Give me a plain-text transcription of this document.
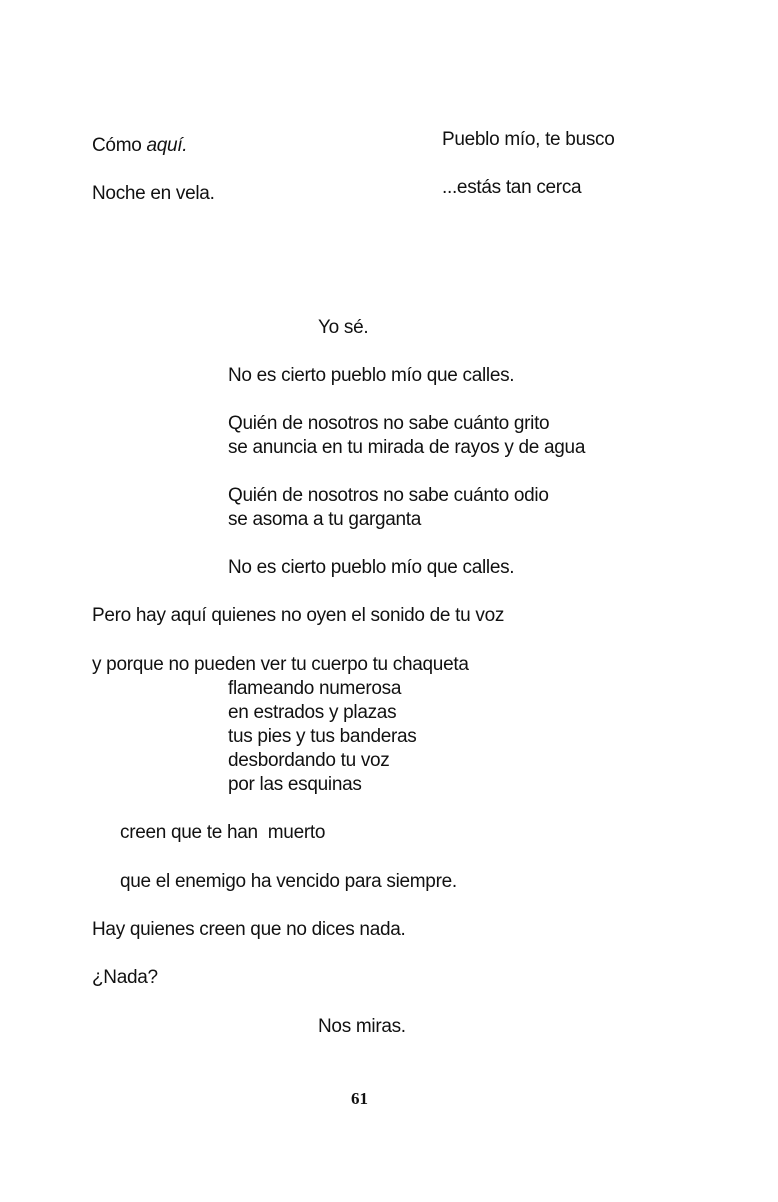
Cómo aquí.
Noche en vela.
Pueblo mío, te busco
...estás tan cerca
Yo sé.
No es cierto pueblo mío que calles.
Quién de nosotros no sabe cuánto grito
se anuncia en tu mirada de rayos y de agua
Quién de nosotros no sabe cuánto odio
se asoma a tu garganta
No es cierto pueblo mío que calles.
Pero hay aquí quienes no oyen el sonido de tu voz
y porque no pueden ver tu cuerpo tu chaqueta
flameando numerosa
en estrados y plazas
tus pies y tus banderas
desbordando tu voz
por las esquinas
creen que te han  muerto
que el enemigo ha vencido para siempre.
Hay quienes creen que no dices nada.
¿Nada?
Nos miras.
61
